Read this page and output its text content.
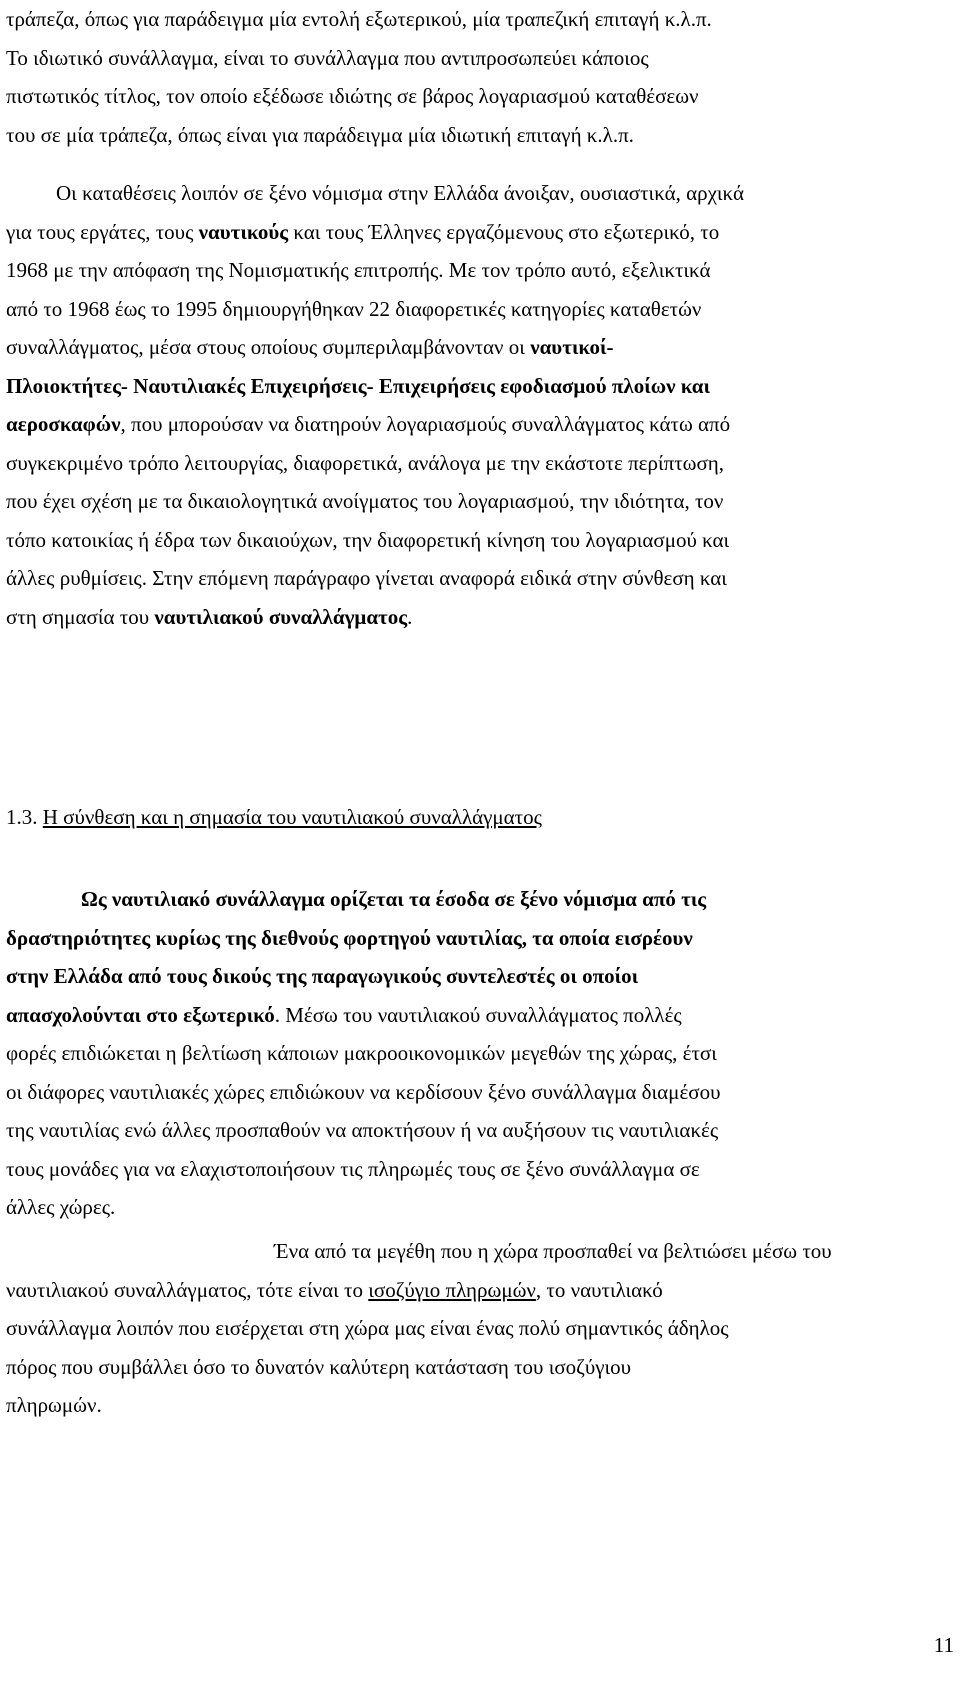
τράπεζα, όπως για παράδειγμα μία εντολή εξωτερικού, μία τραπεζική επιταγή κ.λ.π.
Το ιδιωτικό συνάλλαγμα, είναι το συνάλλαγμα που αντιπροσωπεύει κάποιος
πιστωτικός τίτλος, τον οποίο εξέδωσε ιδιώτης σε βάρος λογαριασμού καταθέσεων
του σε μία τράπεζα, όπως είναι για παράδειγμα μία ιδιωτική επιταγή κ.λ.π.
Οι καταθέσεις λοιπόν σε ξένο νόμισμα στην Ελλάδα άνοιξαν, ουσιαστικά, αρχικά
για τους εργάτες, τους ναυτικούς και τους Έλληνες εργαζόμενους στο εξωτερικό, το
1968 με την απόφαση της Νομισματικής επιτροπής. Με τον τρόπο αυτό, εξελικτικά
από το 1968 έως το 1995 δημιουργήθηκαν 22 διαφορετικές κατηγορίες καταθετών
συναλλάγματος, μέσα στους οποίους συμπεριλαμβάνονταν οι ναυτικοί-
Πλοιοκτήτες- Ναυτιλιακές Επιχειρήσεις- Επιχειρήσεις εφοδιασμού πλοίων και
αεροσκαφών, που μπορούσαν να διατηρούν λογαριασμούς συναλλάγματος κάτω από
συγκεκριμένο τρόπο λειτουργίας, διαφορετικά, ανάλογα με την εκάστοτε περίπτωση,
που έχει σχέση με τα δικαιολογητικά ανοίγματος του λογαριασμού, την ιδιότητα, τον
τόπο κατοικίας ή έδρα των δικαιούχων, την διαφορετική κίνηση του λογαριασμού και
άλλες ρυθμίσεις. Στην επόμενη παράγραφο γίνεται αναφορά ειδικά στην σύνθεση και
στη σημασία του ναυτιλιακού συναλλάγματος.
1.3. Η σύνθεση και η σημασία του ναυτιλιακού συναλλάγματος
Ως ναυτιλιακό συνάλλαγμα ορίζεται τα έσοδα σε ξένο νόμισμα από τις
δραστηριότητες κυρίως της διεθνούς φορτηγού ναυτιλίας, τα οποία εισρέουν
στην Ελλάδα από τους δικούς της παραγωγικούς συντελεστές οι οποίοι
απασχολούνται στο εξωτερικό. Μέσω του ναυτιλιακού συναλλάγματος πολλές
φορές επιδιώκεται η βελτίωση κάποιων μακροοικονομικών μεγεθών της χώρας, έτσι
οι διάφορες ναυτιλιακές χώρες επιδιώκουν να κερδίσουν ξένο συνάλλαγμα διαμέσου
της ναυτιλίας ενώ άλλες προσπαθούν να αποκτήσουν ή να αυξήσουν τις ναυτιλιακές
τους μονάδες για να ελαχιστοποιήσουν τις πληρωμές τους σε ξένο συνάλλαγμα σε
άλλες χώρες.
Ένα από τα μεγέθη που η χώρα προσπαθεί να βελτιώσει μέσω του
ναυτιλιακού συναλλάγματος, τότε είναι το ισοζύγιο πληρωμών, το ναυτιλιακό
συνάλλαγμα λοιπόν που εισέρχεται στη χώρα μας είναι ένας πολύ σημαντικός άδηλος
πόρος που συμβάλλει όσο το δυνατόν καλύτερη κατάσταση του ισοζύγιου
πληρωμών.
11
